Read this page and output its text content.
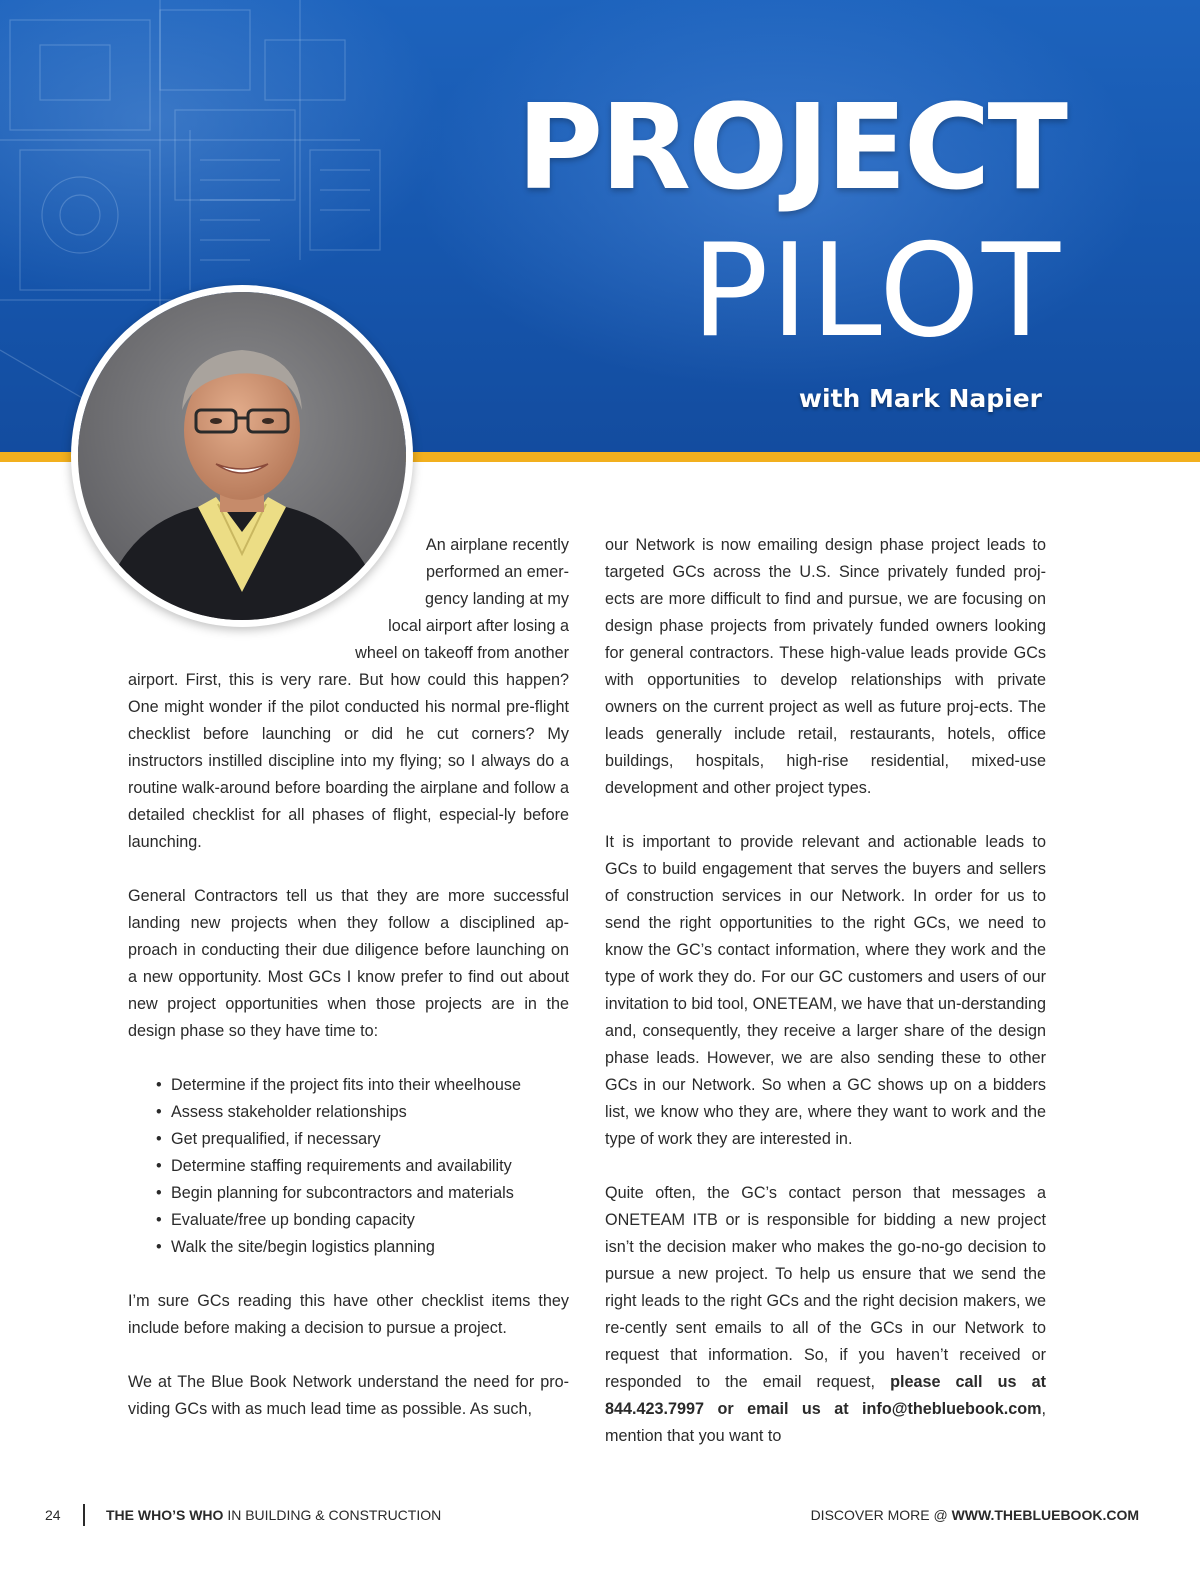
PROJECT
PILOT
with Mark Napier
An airplane recently
performed an emer-
gency landing at my
local airport after losing a
wheel on takeoff from another

airport. First, this is very rare. But how could this happen? One might wonder if the pilot conducted his normal pre-flight checklist before launching or did he cut corners? My instructors instilled discipline into my flying; so I always do a routine walk-around before boarding the airplane and follow a detailed checklist for all phases of flight, especial-ly before launching.

General Contractors tell us that they are more successful landing new projects when they follow a disciplined ap-proach in conducting their due diligence before launching on a new opportunity. Most GCs I know prefer to find out about new project opportunities when those projects are in the design phase so they have time to:

• Determine if the project fits into their wheelhouse
• Assess stakeholder relationships
• Get prequalified, if necessary
• Determine staffing requirements and availability
• Begin planning for subcontractors and materials
• Evaluate/free up bonding capacity
• Walk the site/begin logistics planning

I’m sure GCs reading this have other checklist items they include before making a decision to pursue a project.

We at The Blue Book Network understand the need for pro-viding GCs with as much lead time as possible. As such,

our Network is now emailing design phase project leads to targeted GCs across the U.S. Since privately funded proj-ects are more difficult to find and pursue, we are focusing on design phase projects from privately funded owners looking for general contractors. These high-value leads provide GCs with opportunities to develop relationships with private owners on the current project as well as future proj-ects. The leads generally include retail, restaurants, hotels, office buildings, hospitals, high-rise residential, mixed-use development and other project types.

It is important to provide relevant and actionable leads to GCs to build engagement that serves the buyers and sellers of construction services in our Network. In order for us to send the right opportunities to the right GCs, we need to know the GC’s contact information, where they work and the type of work they do. For our GC customers and users of our invitation to bid tool, ONETEAM, we have that un-derstanding and, consequently, they receive a larger share of the design phase leads. However, we are also sending these to other GCs in our Network. So when a GC shows up on a bidders list, we know who they are, where they want to work and the type of work they are interested in.

Quite often, the GC’s contact person that messages a ONETEAM ITB or is responsible for bidding a new project isn’t the decision maker who makes the go-no-go decision to pursue a new project. To help us ensure that we send the right leads to the right GCs and the right decision makers, we re-cently sent emails to all of the GCs in our Network to request that information. So, if you haven’t received or responded to the email request, please call us at 844.423.7997 or email us at info@thebluebook.com, mention that you want to

24	THE WHO’S WHO IN BUILDING & CONSTRUCTION	DISCOVER MORE @ WWW.THEBLUEBOOK.COM
